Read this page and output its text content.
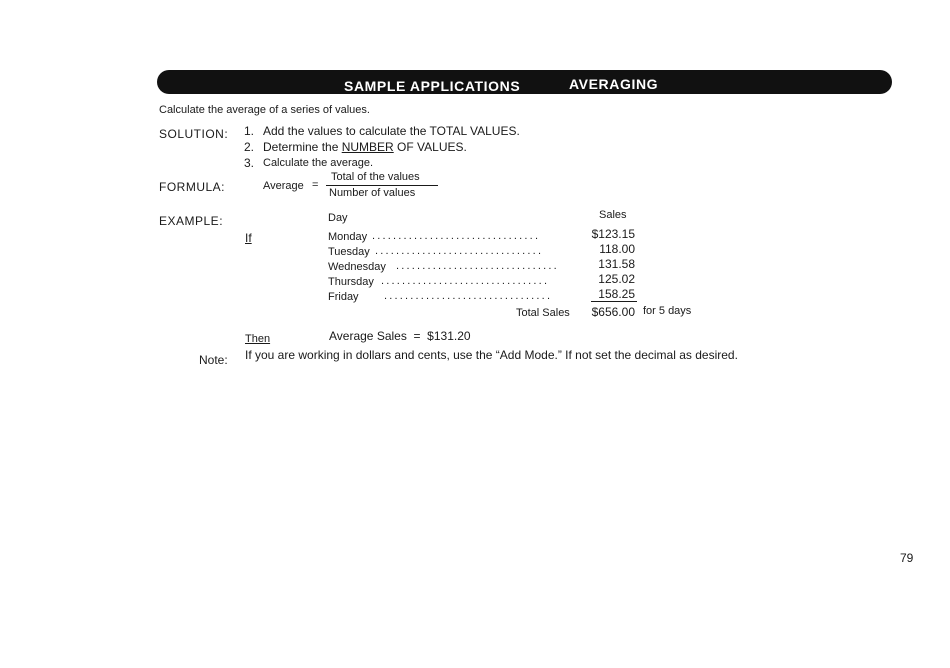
SAMPLE APPLICATIONS	AVERAGING
Calculate the average of a series of values.
SOLUTION: 1. Add the values to calculate the TOTAL VALUES.
2. Determine the NUMBER OF VALUES.
3. Calculate the average.
FORMULA:	Average =
Total of the values
Number of values
EXAMPLE:	Day	Sales
If	Monday ................................	$123.15
Tuesday ................................	118.00
Wednesday ...............................	131.58
Thursday ................................	125.02
Friday ................................	158.25
Total Sales	$656.00 for 5 days
Then	Average Sales  =  $131.20
Note: If you are working in dollars and cents, use the “Add Mode.” If not set the decimal as desired.
79
